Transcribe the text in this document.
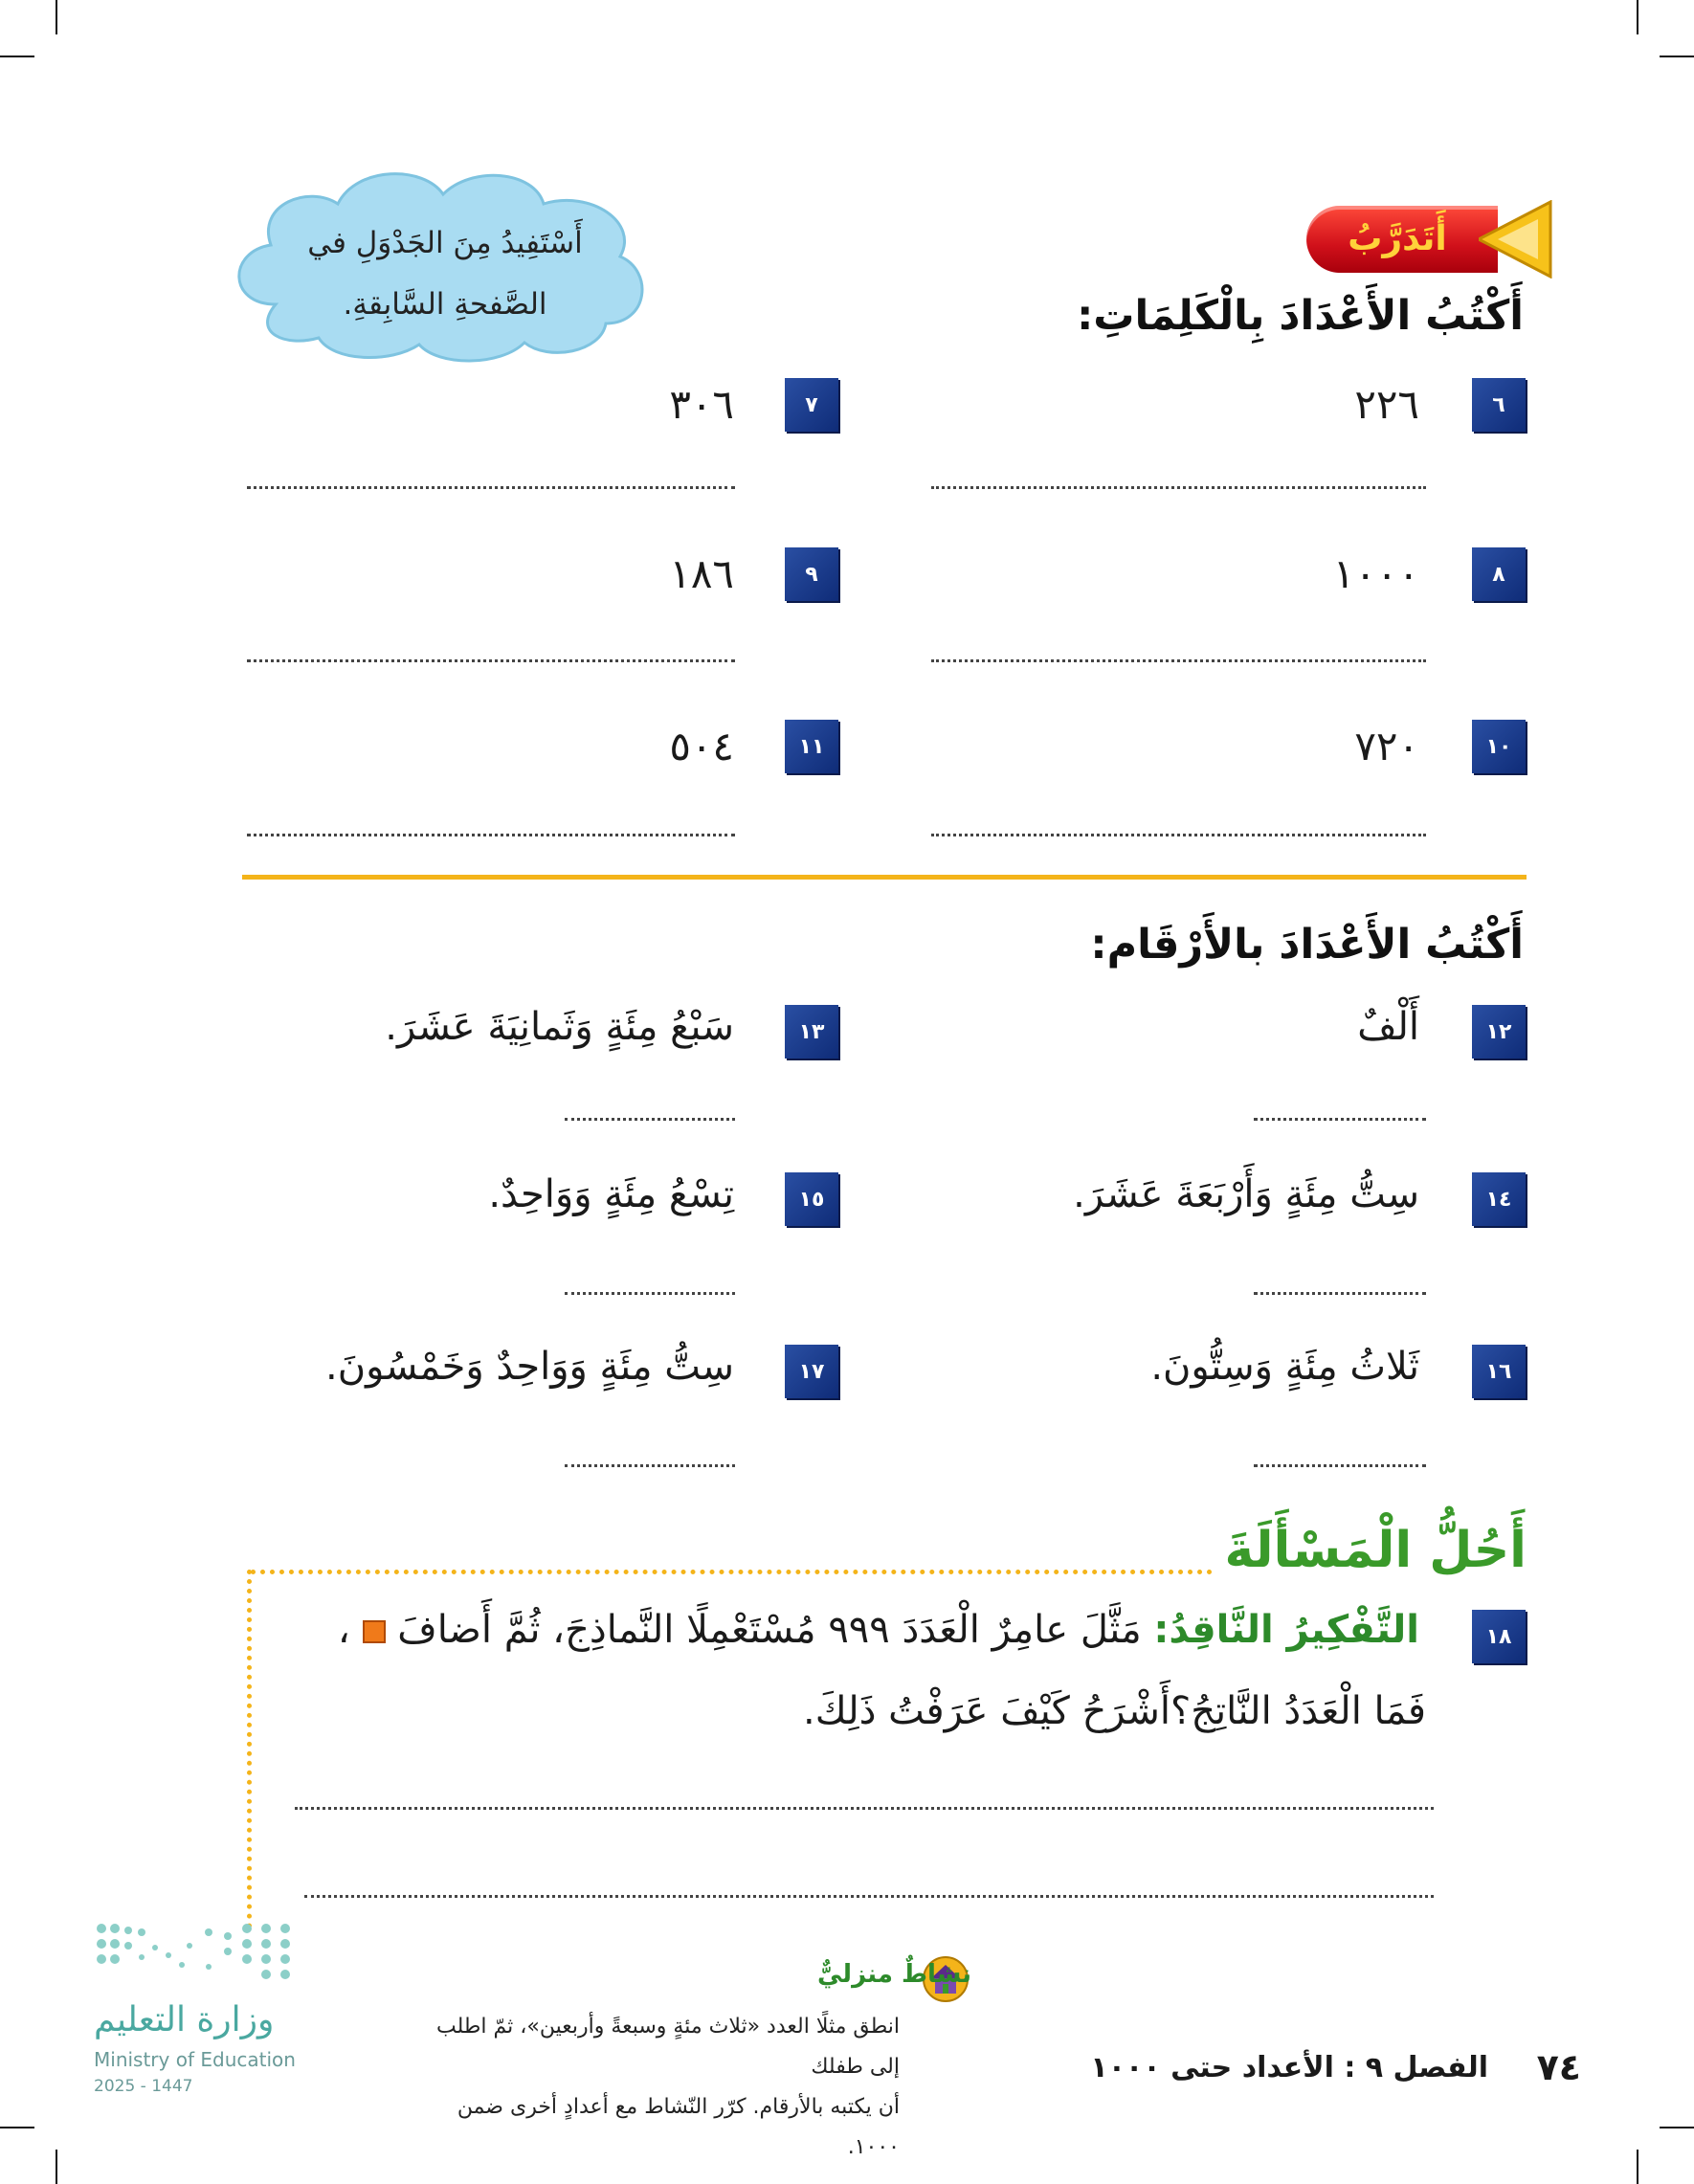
أَسْتَفِيدُ مِنَ الجَدْوَلِ في
الصَّفحةِ السَّابِقةِ.
أَتَدَرَّبُ
أَكْتُبُ الأَعْدَادَ بِالْكَلِمَاتِ:
٦
٢٢٦
٧
٣٠٦
٨
١٠٠٠
٩
١٨٦
١٠
٧٢٠
١١
٥٠٤
أَكْتُبُ الأَعْدَادَ بالأَرْقَام:
١٢
أَلْفٌ
١٣
سَبْعُ مِئَةٍ وَثَمانِيَةَ عَشَرَ.
١٤
سِتُّ مِئَةٍ وَأَرْبَعَةَ عَشَرَ.
١٥
تِسْعُ مِئَةٍ وَوَاحِدٌ.
١٦
ثَلاثُ مِئَةٍ وَسِتُّونَ.
١٧
سِتُّ مِئَةٍ وَوَاحِدٌ وَخَمْسُونَ.
أَحُلُّ الْمَسْأَلَةَ
١٨
التَّفْكِيرُ النَّاقِدُ: مَثَّلَ عامِرٌ الْعَدَدَ ٩٩٩ مُسْتَعْمِلًا النَّماذِجَ، ثُمَّ أَضافَ  ،
فَمَا الْعَدَدُ النَّاتِجُ؟أَشْرَحُ كَيْفَ عَرَفْتُ ذَلِكَ.
نشاطٌ منزليٌّ
انطق مثلًا العدد «ثلاث مئةٍ وسبعةً وأربعين»، ثمّ اطلب إلى طفلك
أن يكتبه بالأرقام. كرّر النّشاط مع أعدادٍ أخرى ضمن ١٠٠٠.
الفصل ٩ : الأعداد حتى ١٠٠٠ ٧٤
وزارة التعليم
Ministry of Education
2025 - 1447
